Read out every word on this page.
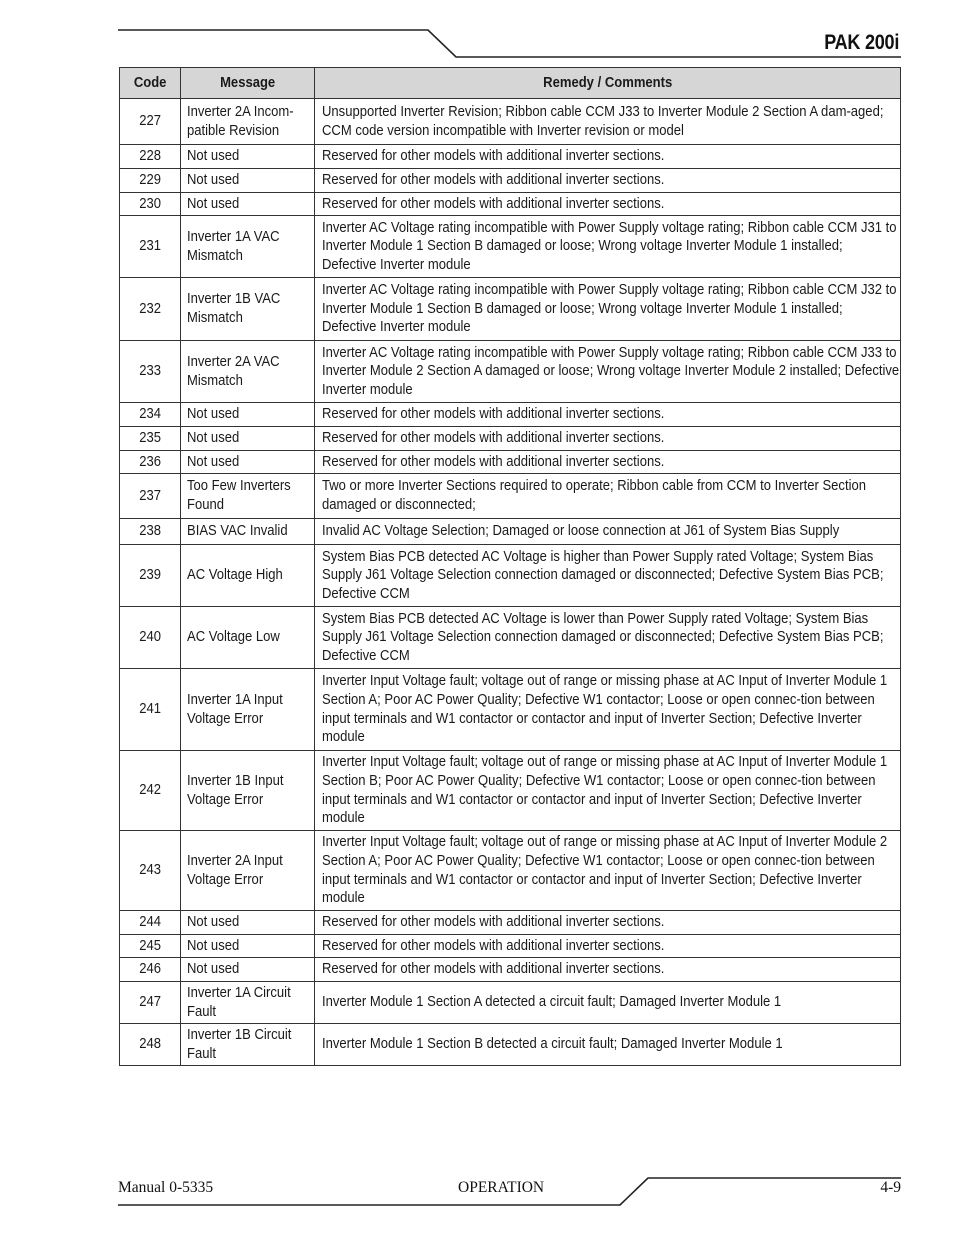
PAK 200i
Code	Message	Remedy / Comments
227	Inverter 2A Incom-patible Revision	Unsupported Inverter Revision; Ribbon cable CCM J33 to Inverter Module 2 Section A dam-aged; CCM code version incompatible with Inverter revision or model
228	Not used	Reserved for other models with additional inverter sections.
229	Not used	Reserved for other models with additional inverter sections.
230	Not used	Reserved for other models with additional inverter sections.
231	Inverter 1A VAC Mismatch	Inverter AC Voltage rating incompatible with Power Supply voltage rating; Ribbon cable CCM J31 to Inverter Module 1 Section B damaged or loose; Wrong voltage Inverter Module 1 installed; Defective Inverter module
232	Inverter 1B VAC Mismatch	Inverter AC Voltage rating incompatible with Power Supply voltage rating; Ribbon cable CCM J32 to Inverter Module 1 Section B damaged or loose; Wrong voltage Inverter Module 1 installed; Defective Inverter module
233	Inverter 2A VAC Mismatch	Inverter AC Voltage rating incompatible with Power Supply voltage rating; Ribbon cable CCM J33 to Inverter Module 2 Section A damaged or loose; Wrong voltage Inverter Module 2 installed; Defective Inverter module
234	Not used	Reserved for other models with additional inverter sections.
235	Not used	Reserved for other models with additional inverter sections.
236	Not used	Reserved for other models with additional inverter sections.
237	Too Few Inverters Found	Two or more Inverter Sections required to operate; Ribbon cable from CCM to Inverter Section damaged or disconnected;
238	BIAS VAC Invalid	Invalid AC Voltage Selection; Damaged or loose connection at J61 of System Bias Supply
239	AC Voltage High	System Bias PCB detected AC Voltage is higher than Power Supply rated Voltage; System Bias Supply J61 Voltage Selection connection damaged or disconnected; Defective System Bias PCB; Defective CCM
240	AC Voltage Low	System Bias PCB detected AC Voltage is lower than Power Supply rated Voltage; System Bias Supply J61 Voltage Selection connection damaged or disconnected; Defective System Bias PCB; Defective CCM
241	Inverter 1A Input Voltage Error	Inverter Input Voltage fault; voltage out of range or missing phase at AC Input of Inverter Module 1 Section A; Poor AC Power Quality; Defective W1 contactor; Loose or open connec-tion between input terminals and W1 contactor or contactor and input of Inverter Section; Defective Inverter module
242	Inverter 1B Input Voltage Error	Inverter Input Voltage fault; voltage out of range or missing phase at AC Input of Inverter Module 1 Section B; Poor AC Power Quality; Defective W1 contactor; Loose or open connec-tion between input terminals and W1 contactor or contactor and input of Inverter Section; Defective Inverter module
243	Inverter 2A Input Voltage Error	Inverter Input Voltage fault; voltage out of range or missing phase at AC Input of Inverter Module 2 Section A; Poor AC Power Quality; Defective W1 contactor; Loose or open connec-tion between input terminals and W1 contactor or contactor and input of Inverter Section; Defective Inverter module
244	Not used	Reserved for other models with additional inverter sections.
245	Not used	Reserved for other models with additional inverter sections.
246	Not used	Reserved for other models with additional inverter sections.
247	Inverter 1A Circuit Fault	Inverter Module 1 Section A detected a circuit fault; Damaged Inverter Module 1
248	Inverter 1B Circuit Fault	Inverter Module 1 Section B detected a circuit fault; Damaged Inverter Module 1
Manual 0-5335	OPERATION	4-9
